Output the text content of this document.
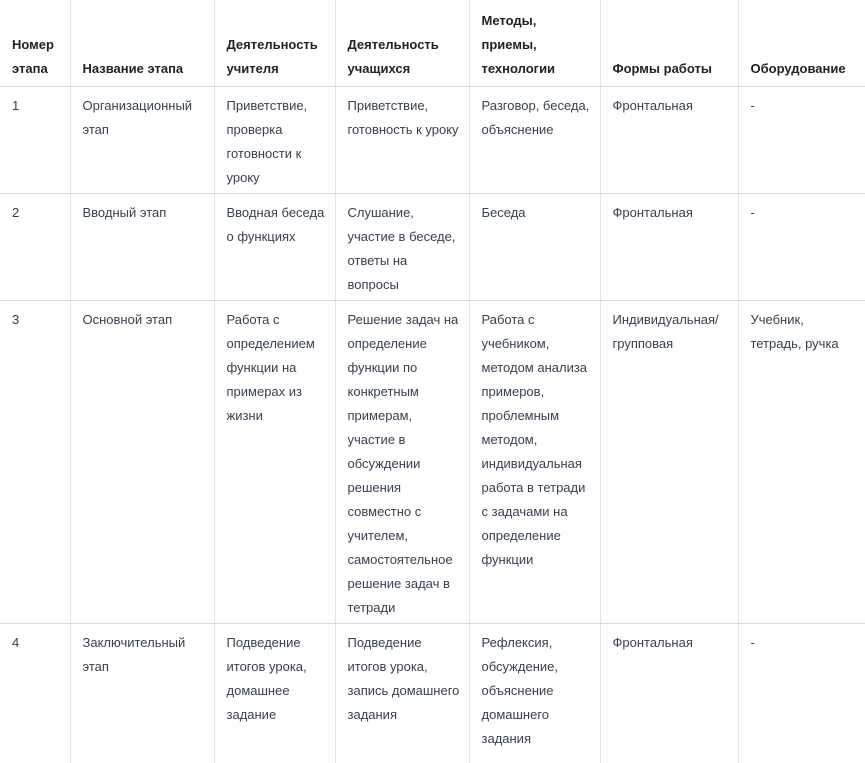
Номер этапа	Название этапа	Деятельность учителя	Деятельность учащихся	Методы, приемы, технологии	Формы работы	Оборудование
1	Организационный этап	Приветствие, проверка готовности к уроку	Приветствие, готовность к уроку	Разговор, беседа, объяснение	Фронтальная	-
2	Вводный этап	Вводная беседа о функциях	Слушание, участие в беседе, ответы на вопросы	Беседа	Фронтальная	-
3	Основной этап	Работа с определением функции на примерах из жизни	Решение задач на определение функции по конкретным примерам, участие в обсуждении решения совместно с учителем, самостоятельное решение задач в тетради	Работа с учебником, методом анализа примеров, проблемным методом, индивидуальная работа в тетради с задачами на определение функции	Индивидуальная/ групповая	Учебник, тетрадь, ручка
4	Заключительный этап	Подведение итогов урока, домашнее задание	Подведение итогов урока, запись домашнего задания	Рефлексия, обсуждение, объяснение домашнего задания	Фронтальная	-
